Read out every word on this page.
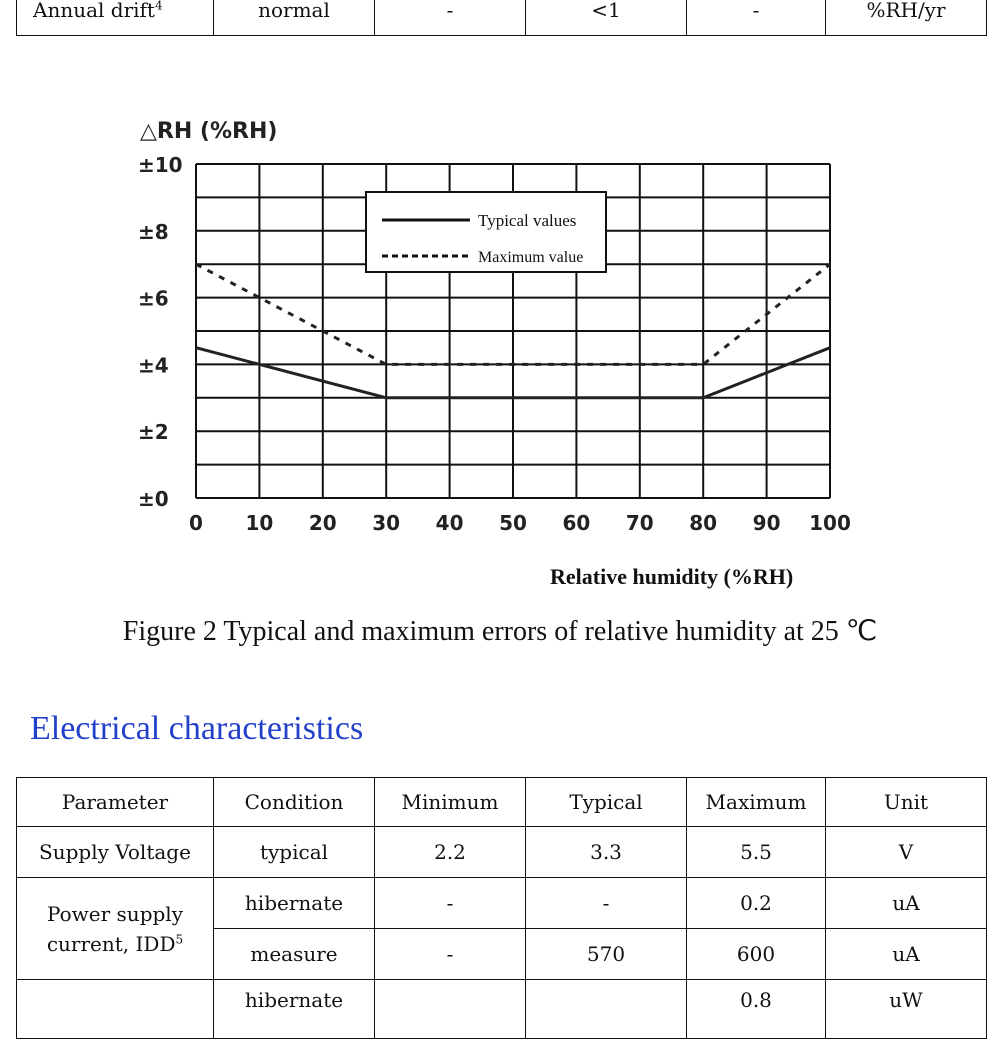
Annual drift$^4$	normal	-	<1	-	%RH/yr
△RH (%RH)
0 10 20 30 40 50 60 70 80 90 100
±0
±2
±4
±6
±8
±10
Typical values
Maximum value
Relative humidity (%RH)
Figure 2 Typical and maximum errors of relative humidity at 25 ℃
Electrical characteristics
Parameter	Condition	Minimum	Typical	Maximum	Unit
Supply Voltage	typical	2.2	3.3	5.5	V
Power supply
current, IDD$^5$	hibernate	-	-	0.2	uA
	measure	-	570	600	uA
	hibernate			0.8	uW
